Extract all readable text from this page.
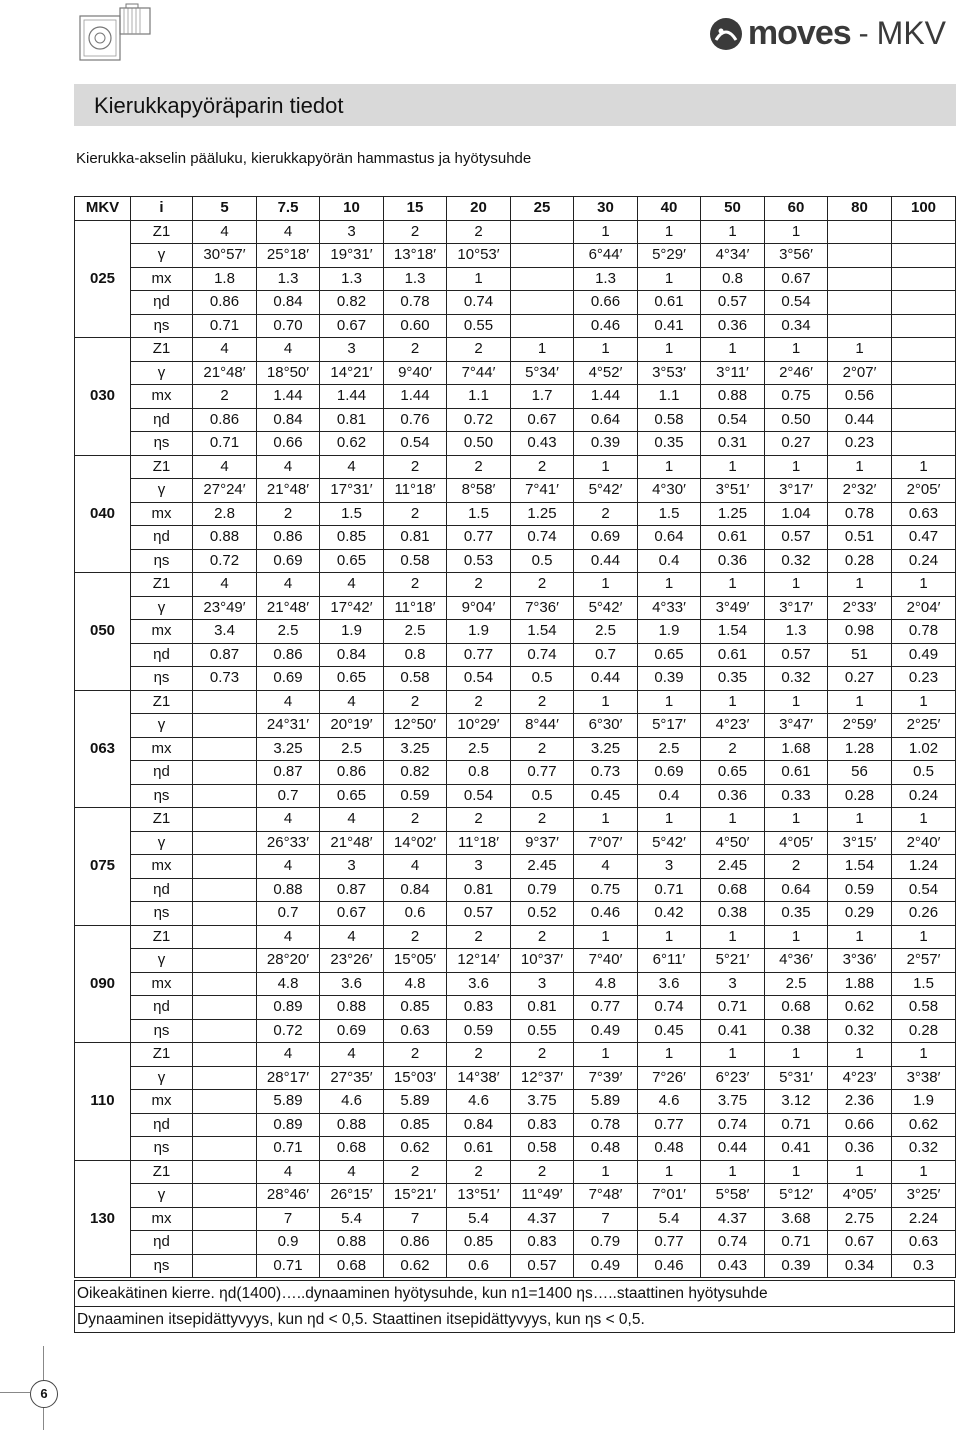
moves - MKV
Kierukkapyöräparin tiedot
Kierukka-akselin pääluku, kierukkapyörän hammastus ja hyötysuhde
MKV	i	5	7.5	10	15	20	25	30	40	50	60	80	100
025	Z1	4	4	3	2	2		1	1	1	1		
	γ	30°57′	25°18′	19°31′	13°18′	10°53′		6°44′	5°29′	4°34′	3°56′		
	mx	1.8	1.3	1.3	1.3	1		1.3	1	0.8	0.67		
	ηd	0.86	0.84	0.82	0.78	0.74		0.66	0.61	0.57	0.54		
	ηs	0.71	0.70	0.67	0.60	0.55		0.46	0.41	0.36	0.34		
030	Z1	4	4	3	2	2	1	1	1	1	1	1	
	γ	21°48′	18°50′	14°21′	9°40′	7°44′	5°34′	4°52′	3°53′	3°11′	2°46′	2°07′	
	mx	2	1.44	1.44	1.44	1.1	1.7	1.44	1.1	0.88	0.75	0.56	
	ηd	0.86	0.84	0.81	0.76	0.72	0.67	0.64	0.58	0.54	0.50	0.44	
	ηs	0.71	0.66	0.62	0.54	0.50	0.43	0.39	0.35	0.31	0.27	0.23	
040	Z1	4	4	4	2	2	2	1	1	1	1	1	1
	γ	27°24′	21°48′	17°31′	11°18′	8°58′	7°41′	5°42′	4°30′	3°51′	3°17′	2°32′	2°05′
	mx	2.8	2	1.5	2	1.5	1.25	2	1.5	1.25	1.04	0.78	0.63
	ηd	0.88	0.86	0.85	0.81	0.77	0.74	0.69	0.64	0.61	0.57	0.51	0.47
	ηs	0.72	0.69	0.65	0.58	0.53	0.5	0.44	0.4	0.36	0.32	0.28	0.24
050	Z1	4	4	4	2	2	2	1	1	1	1	1	1
	γ	23°49′	21°48′	17°42′	11°18′	9°04′	7°36′	5°42′	4°33′	3°49′	3°17′	2°33′	2°04′
	mx	3.4	2.5	1.9	2.5	1.9	1.54	2.5	1.9	1.54	1.3	0.98	0.78
	ηd	0.87	0.86	0.84	0.8	0.77	0.74	0.7	0.65	0.61	0.57	51	0.49
	ηs	0.73	0.69	0.65	0.58	0.54	0.5	0.44	0.39	0.35	0.32	0.27	0.23
063	Z1		4	4	2	2	2	1	1	1	1	1	1
	γ		24°31′	20°19′	12°50′	10°29′	8°44′	6°30′	5°17′	4°23′	3°47′	2°59′	2°25′
	mx		3.25	2.5	3.25	2.5	2	3.25	2.5	2	1.68	1.28	1.02
	ηd		0.87	0.86	0.82	0.8	0.77	0.73	0.69	0.65	0.61	56	0.5
	ηs		0.7	0.65	0.59	0.54	0.5	0.45	0.4	0.36	0.33	0.28	0.24
075	Z1		4	4	2	2	2	1	1	1	1	1	1
	γ		26°33′	21°48′	14°02′	11°18′	9°37′	7°07′	5°42′	4°50′	4°05′	3°15′	2°40′
	mx		4	3	4	3	2.45	4	3	2.45	2	1.54	1.24
	ηd		0.88	0.87	0.84	0.81	0.79	0.75	0.71	0.68	0.64	0.59	0.54
	ηs		0.7	0.67	0.6	0.57	0.52	0.46	0.42	0.38	0.35	0.29	0.26
090	Z1		4	4	2	2	2	1	1	1	1	1	1
	γ		28°20′	23°26′	15°05′	12°14′	10°37′	7°40′	6°11′	5°21′	4°36′	3°36′	2°57′
	mx		4.8	3.6	4.8	3.6	3	4.8	3.6	3	2.5	1.88	1.5
	ηd		0.89	0.88	0.85	0.83	0.81	0.77	0.74	0.71	0.68	0.62	0.58
	ηs		0.72	0.69	0.63	0.59	0.55	0.49	0.45	0.41	0.38	0.32	0.28
110	Z1		4	4	2	2	2	1	1	1	1	1	1
	γ		28°17′	27°35′	15°03′	14°38′	12°37′	7°39′	7°26′	6°23′	5°31′	4°23′	3°38′
	mx		5.89	4.6	5.89	4.6	3.75	5.89	4.6	3.75	3.12	2.36	1.9
	ηd		0.89	0.88	0.85	0.84	0.83	0.78	0.77	0.74	0.71	0.66	0.62
	ηs		0.71	0.68	0.62	0.61	0.58	0.48	0.48	0.44	0.41	0.36	0.32
130	Z1		4	4	2	2	2	1	1	1	1	1	1
	γ		28°46′	26°15′	15°21′	13°51′	11°49′	7°48′	7°01′	5°58′	5°12′	4°05′	3°25′
	mx		7	5.4	7	5.4	4.37	7	5.4	4.37	3.68	2.75	2.24
	ηd		0.9	0.88	0.86	0.85	0.83	0.79	0.77	0.74	0.71	0.67	0.63
	ηs		0.71	0.68	0.62	0.6	0.57	0.49	0.46	0.43	0.39	0.34	0.3
Oikeakätinen kierre. ηd(1400)…..dynaaminen hyötysuhde, kun n1=1400 ηs…..staattinen hyötysuhde
Dynaaminen itsepidättyvyys, kun ηd < 0,5. Staattinen itsepidättyvyys, kun ηs < 0,5.
6
